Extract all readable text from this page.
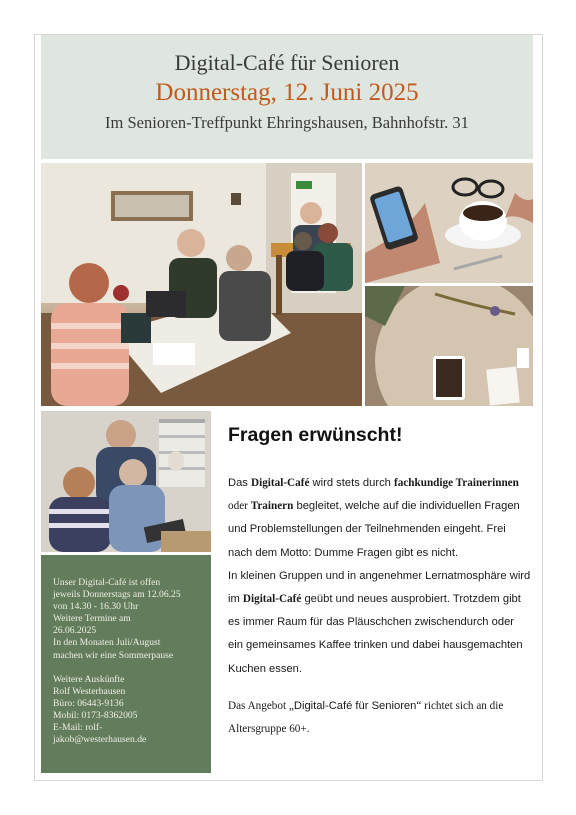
Digital-Café für Senioren
Donnerstag, 12. Juni 2025
Im Senioren-Treffpunkt Ehringshausen, Bahnhofstr. 31
Unser Digital-Café ist offen
jeweils Donnerstags am 12.06.25
von 14.30 - 16.30 Uhr
Weitere Termine am
26.06.2025
In den Monaten Juli/August
machen wir eine Sommerpause
Weitere Auskünfte
Rolf Westerhausen
Büro: 06443-9136
Mobil: 0173-8362005
E-Mail: rolf-
jakob@westerhausen.de
Fragen erwünscht!
Das Digital-Café wird stets durch fachkundige Trainerinnen
oder Trainern begleitet, welche auf die individuellen Fragen
und Problemstellungen der Teilnehmenden eingeht. Frei
nach dem Motto: Dumme Fragen gibt es nicht.
In kleinen Gruppen und in angenehmer Lernatmosphäre wird
im Digital-Café geübt und neues ausprobiert. Trotzdem gibt
es immer Raum für das Pläuschchen zwischendurch oder
ein gemeinsames Kaffee trinken und dabei hausgemachten
Kuchen essen.
Das Angebot „Digital-Café für Senioren“ richtet sich an die
Altersgruppe 60+.
